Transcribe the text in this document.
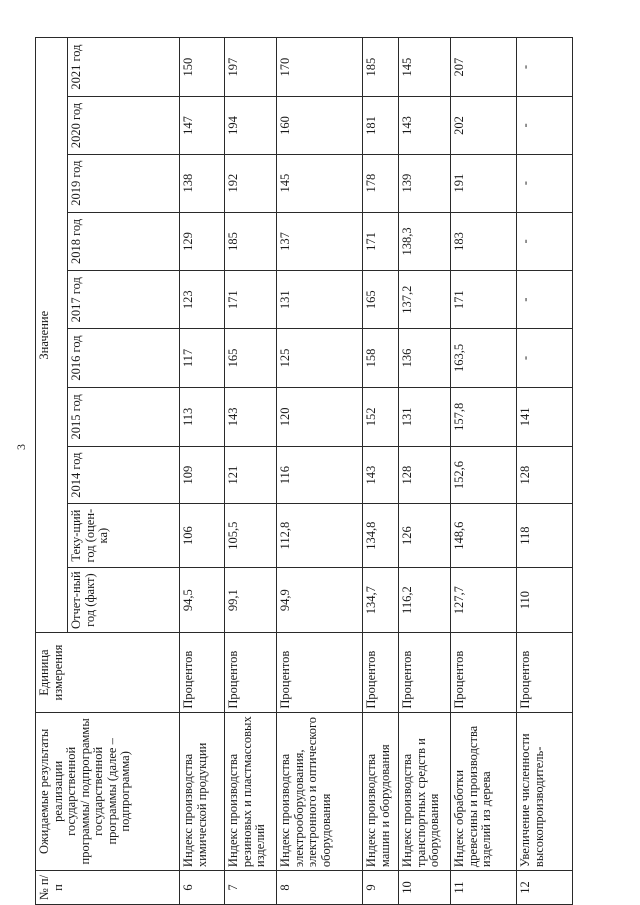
3
№ п/п	Ожидаемые результаты реализации государственной программы/ подпрограммы государственной программы (далее – подпрограмма)	Единица измерения	Значение									
			Отчет-ный год (факт)	Теку-щий год (оцен-ка)	2014 год	2015 год	2016 год	2017 год	2018 год	2019 год	2020 год	2021 год
6	Индекс производства химической продукции	Процентов	94,5	106	109	113	117	123	129	138	147	150
7	Индекс производства резиновых и пластмассовых изделий	Процентов	99,1	105,5	121	143	165	171	185	192	194	197
8	Индекс производства электрооборудования, электронного и оптического оборудования	Процентов	94,9	112,8	116	120	125	131	137	145	160	170
9	Индекс производства машин и оборудования	Процентов	134,7	134,8	143	152	158	165	171	178	181	185
10	Индекс производства транспортных средств и оборудования	Процентов	116,2	126	128	131	136	137,2	138,3	139	143	145
11	Индекс обработки древесины и производства изделий из дерева	Процентов	127,7	148,6	152,6	157,8	163,5	171	183	191	202	207
12	Увеличение численности высокопроизводитель-	Процентов	110	118	128	141	-	-	-	-	-	-
